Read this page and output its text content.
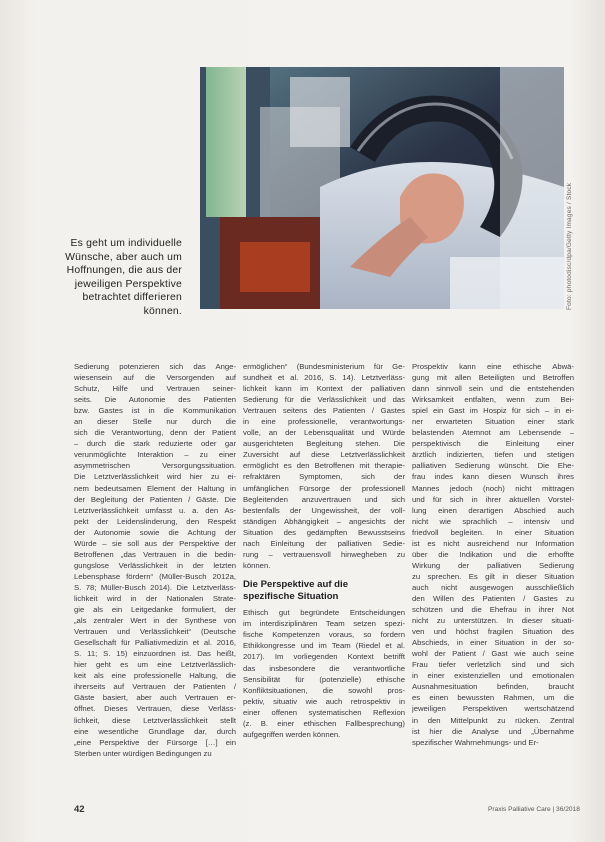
Foto: photodisc/dpa/Getty Images / Stock
Es geht um individuelle
Wünsche, aber auch um
Hoffnungen, die aus der
jeweiligen Perspektive
betrachtet differieren
können.
Sedierung potenzieren sich das Ange-
wiesensein auf die Versorgenden auf
Schutz, Hilfe und Vertrauen seiner-
seits. Die Autonomie des Patienten
bzw. Gastes ist in die Kommunikation
an dieser Stelle nur durch die
sich die Verantwortung, denn der Patient
– durch die stark reduzierte oder gar
verunmöglichte Interaktion – zu einer
asymmetrischen Versorgungssituation.
Die Letztverlässlichkeit wird hier zu ei-
nem bedeutsamen Element der Haltung in
der Begleitung der Patienten / Gäste. Die
Letztverlässlichkeit umfasst u. a. den As-
pekt der Leidenslinderung, den Respekt
der Autonomie sowie die Achtung der
Würde – sie soll aus der Perspektive der
Betroffenen „das Vertrauen in die bedin-
gungslose Verlässlichkeit in der letzten
Lebensphase fördern“ (Müller-Busch 2012a,
S. 78; Müller-Busch 2014). Die Letztverläss-
lichkeit wird in der Nationalen Strate-
gie als ein Leitgedanke formuliert, der
„als zentraler Wert in der Synthese von
Vertrauen und Verlässlichkeit“ (Deutsche
Gesellschaft für Palliativmedizin et al. 2016,
S. 11; S. 15) einzuordnen ist. Das heißt,
hier geht es um eine Letztverlässlich-
keit als eine professionelle Haltung, die
ihrerseits auf Vertrauen der Patienten /
Gäste basiert, aber auch Vertrauen er-
öffnet. Dieses Vertrauen, diese Verläss-
lichkeit, diese Letztverlässlichkeit stellt
eine wesentliche Grundlage dar, durch
„eine Perspektive der Fürsorge […] ein
Sterben unter würdigen Bedingungen zu
ermöglichen“ (Bundesministerium für Ge-
sundheit et al. 2016, S. 14). Letztverläss-
lichkeit kann im Kontext der palliativen
Sedierung für die Verlässlichkeit und das
Vertrauen seitens des Patienten / Gastes
in eine professionelle, verantwortungs-
volle, an der Lebensqualität und Würde
ausgerichteten Begleitung stehen. Die
Zuversicht auf diese Letztverlässlichkeit
ermöglicht es den Betroffenen mit therapie-
refraktären Symptomen, sich der
umfänglichen Fürsorge der professionell
Begleitenden anzuvertrauen und sich
bestenfalls der Ungewissheit, der voll-
ständigen Abhängigkeit – angesichts der
Situation des gedämpften Bewusstseins
nach Einleitung der palliativen Sedie-
rung – vertrauensvoll hinwegheben zu
können.
Die Perspektive auf die
spezifische Situation
Ethisch gut begründete Entscheidungen
im interdisziplinären Team setzen spezi-
fische Kompetenzen voraus, so fordern
Ethikkongresse und im Team (Riedel et al.
2017). Im vorliegenden Kontext betrifft
das insbesondere die verantwortliche
Sensibilität für (potenzielle) ethische
Konfliktsituationen, die sowohl pros-
pektiv, situativ wie auch retrospektiv in
einer offenen systematischen Reflexion
(z. B. einer ethischen Fallbesprechung)
aufgegriffen werden können.
Prospektiv kann eine ethische Abwä-
gung mit allen Beteiligten und Betroffen
dann sinnvoll sein und die entstehenden
Wirksamkeit entfalten, wenn zum Bei-
spiel ein Gast im Hospiz für sich – in ei-
ner erwarteten Situation einer stark
belastenden Atemnot am Lebensende –
perspektivisch die Einleitung einer
ärztlich indizierten, tiefen und stetigen
palliativen Sedierung wünscht. Die Ehe-
frau indes kann diesen Wunsch ihres
Mannes jedoch (noch) nicht mittragen
und für sich in ihrer aktuellen Vorstel-
lung einen derartigen Abschied auch
nicht wie sprachlich – intensiv und
friedvoll begleiten. In einer Situation
ist es nicht ausreichend nur Information
über die Indikation und die erhoffte
Wirkung der palliativen Sedierung
zu sprechen. Es gilt in dieser Situation
auch nicht ausgewogen ausschließlich
den Willen des Patienten / Gastes zu
schützen und die Ehefrau in ihrer Not
nicht zu unterstützen. In dieser situati-
ven und höchst fragilen Situation des
Abschieds, in einer Situation in der so-
wohl der Patient / Gast wie auch seine
Frau tiefer verletzlich sind und sich
in einer existenziellen und emotionalen
Ausnahmesituation befinden, braucht
es einen bewussten Rahmen, um die
jeweiligen Perspektiven wertschätzend
in den Mittelpunkt zu rücken. Zentral
ist hier die Analyse und „Übernahme
spezifischer Wahrnehmungs- und Er-
42	Praxis Palliative Care | 36/2018
